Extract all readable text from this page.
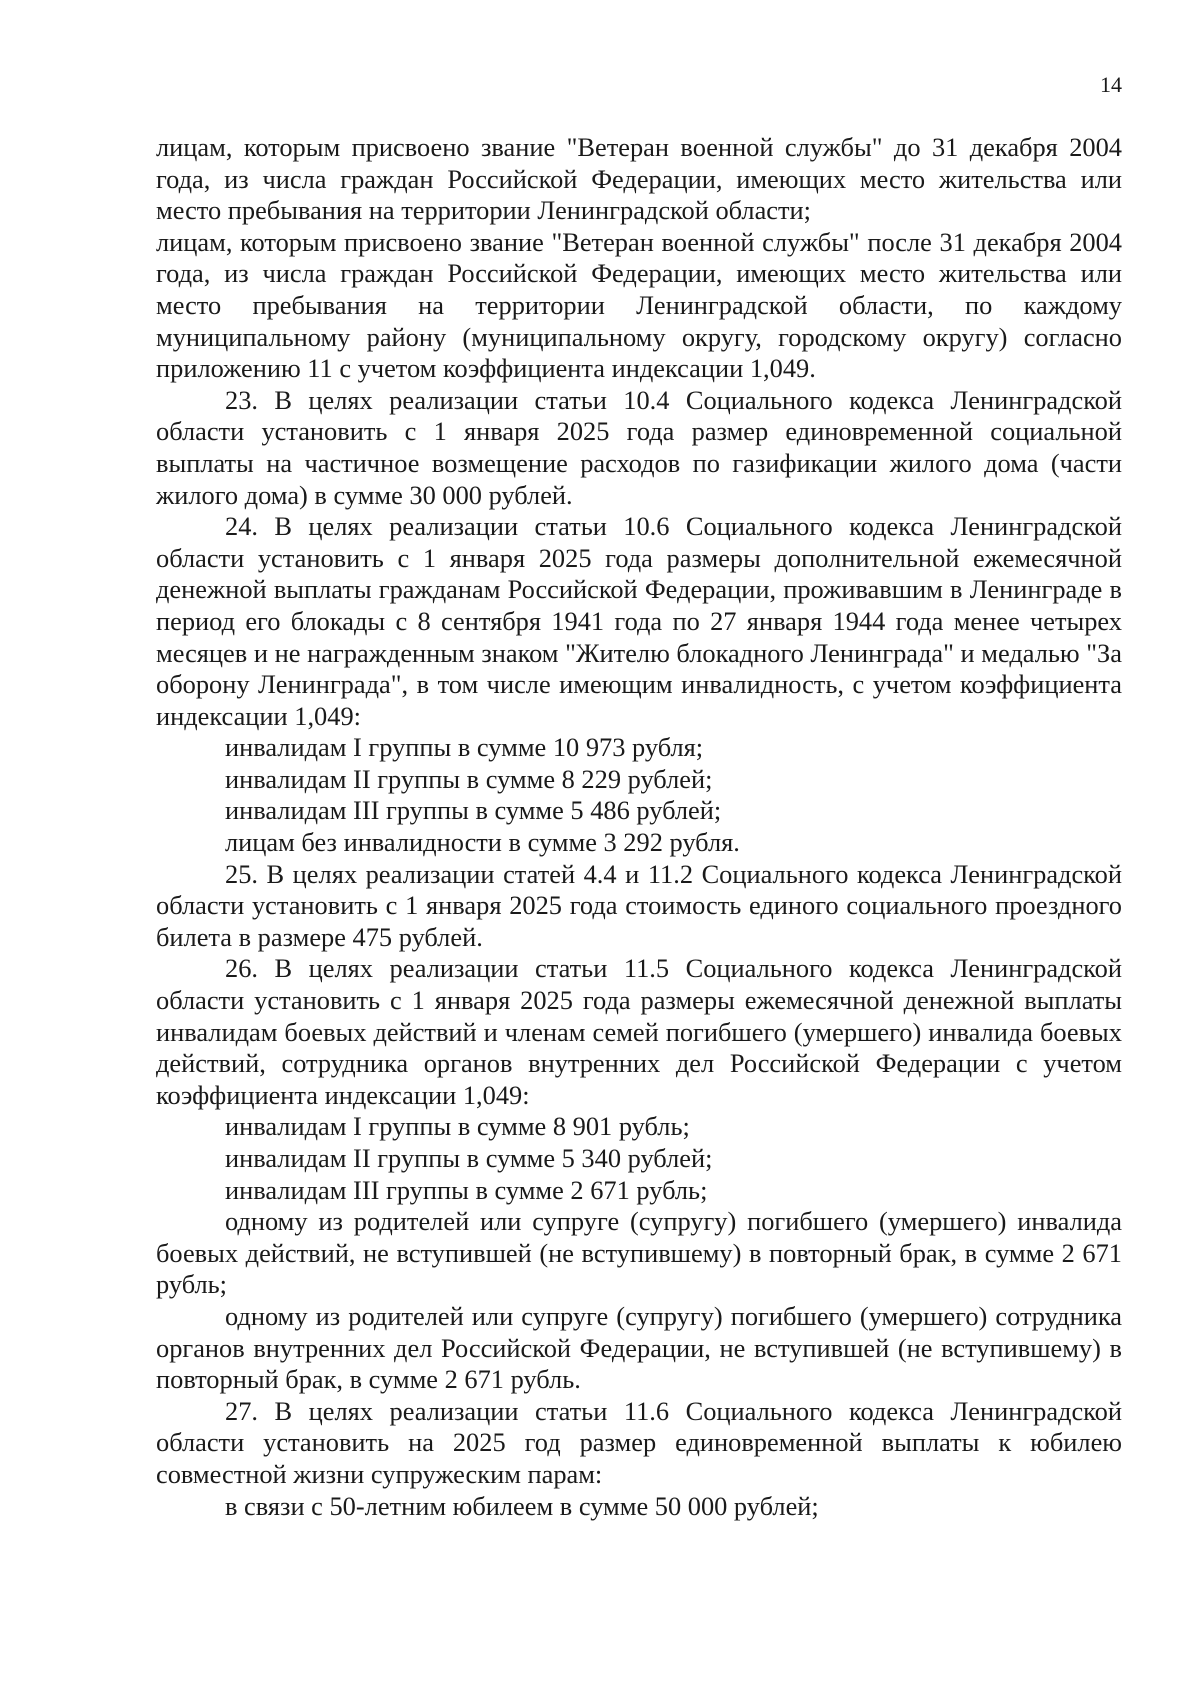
14

лицам, которым присвоено звание "Ветеран военной службы" до 31 декабря 2004 года, из числа граждан Российской Федерации, имеющих место жительства или место пребывания на территории Ленинградской области;

лицам, которым присвоено звание "Ветеран военной службы" после 31 декабря 2004 года, из числа граждан Российской Федерации, имеющих место жительства или место пребывания на территории Ленинградской области, по каждому муниципальному району (муниципальному округу, городскому округу) согласно приложению 11 с учетом коэффициента индексации 1,049.

23. В целях реализации статьи 10.4 Социального кодекса Ленинградской области установить с 1 января 2025 года размер единовременной социальной выплаты на частичное возмещение расходов по газификации жилого дома (части жилого дома) в сумме 30 000 рублей.

24. В целях реализации статьи 10.6 Социального кодекса Ленинградской области установить с 1 января 2025 года размеры дополнительной ежемесячной денежной выплаты гражданам Российской Федерации, проживавшим в Ленинграде в период его блокады с 8 сентября 1941 года по 27 января 1944 года менее четырех месяцев и не награжденным знаком "Жителю блокадного Ленинграда" и медалью "За оборону Ленинграда", в том числе имеющим инвалидность, с учетом коэффициента индексации 1,049:

инвалидам I группы в сумме 10 973 рубля;

инвалидам II группы в сумме 8 229 рублей;

инвалидам III группы в сумме 5 486 рублей;

лицам без инвалидности в сумме 3 292 рубля.

25. В целях реализации статей 4.4 и 11.2 Социального кодекса Ленинградской области установить с 1 января 2025 года стоимость единого социального проездного билета в размере 475 рублей.

26. В целях реализации статьи 11.5 Социального кодекса Ленинградской области установить с 1 января 2025 года размеры ежемесячной денежной выплаты инвалидам боевых действий и членам семей погибшего (умершего) инвалида боевых действий, сотрудника органов внутренних дел Российской Федерации с учетом коэффициента индексации 1,049:

инвалидам I группы в сумме 8 901 рубль;

инвалидам II группы в сумме 5 340 рублей;

инвалидам III группы в сумме 2 671 рубль;

одному из родителей или супруге (супругу) погибшего (умершего) инвалида боевых действий, не вступившей (не вступившему) в повторный брак, в сумме 2 671 рубль;

одному из родителей или супруге (супругу) погибшего (умершего) сотрудника органов внутренних дел Российской Федерации, не вступившей (не вступившему) в повторный брак, в сумме 2 671 рубль.

27. В целях реализации статьи 11.6 Социального кодекса Ленинградской области установить на 2025 год размер единовременной выплаты к юбилею совместной жизни супружеским парам:

в связи с 50-летним юбилеем в сумме 50 000 рублей;
